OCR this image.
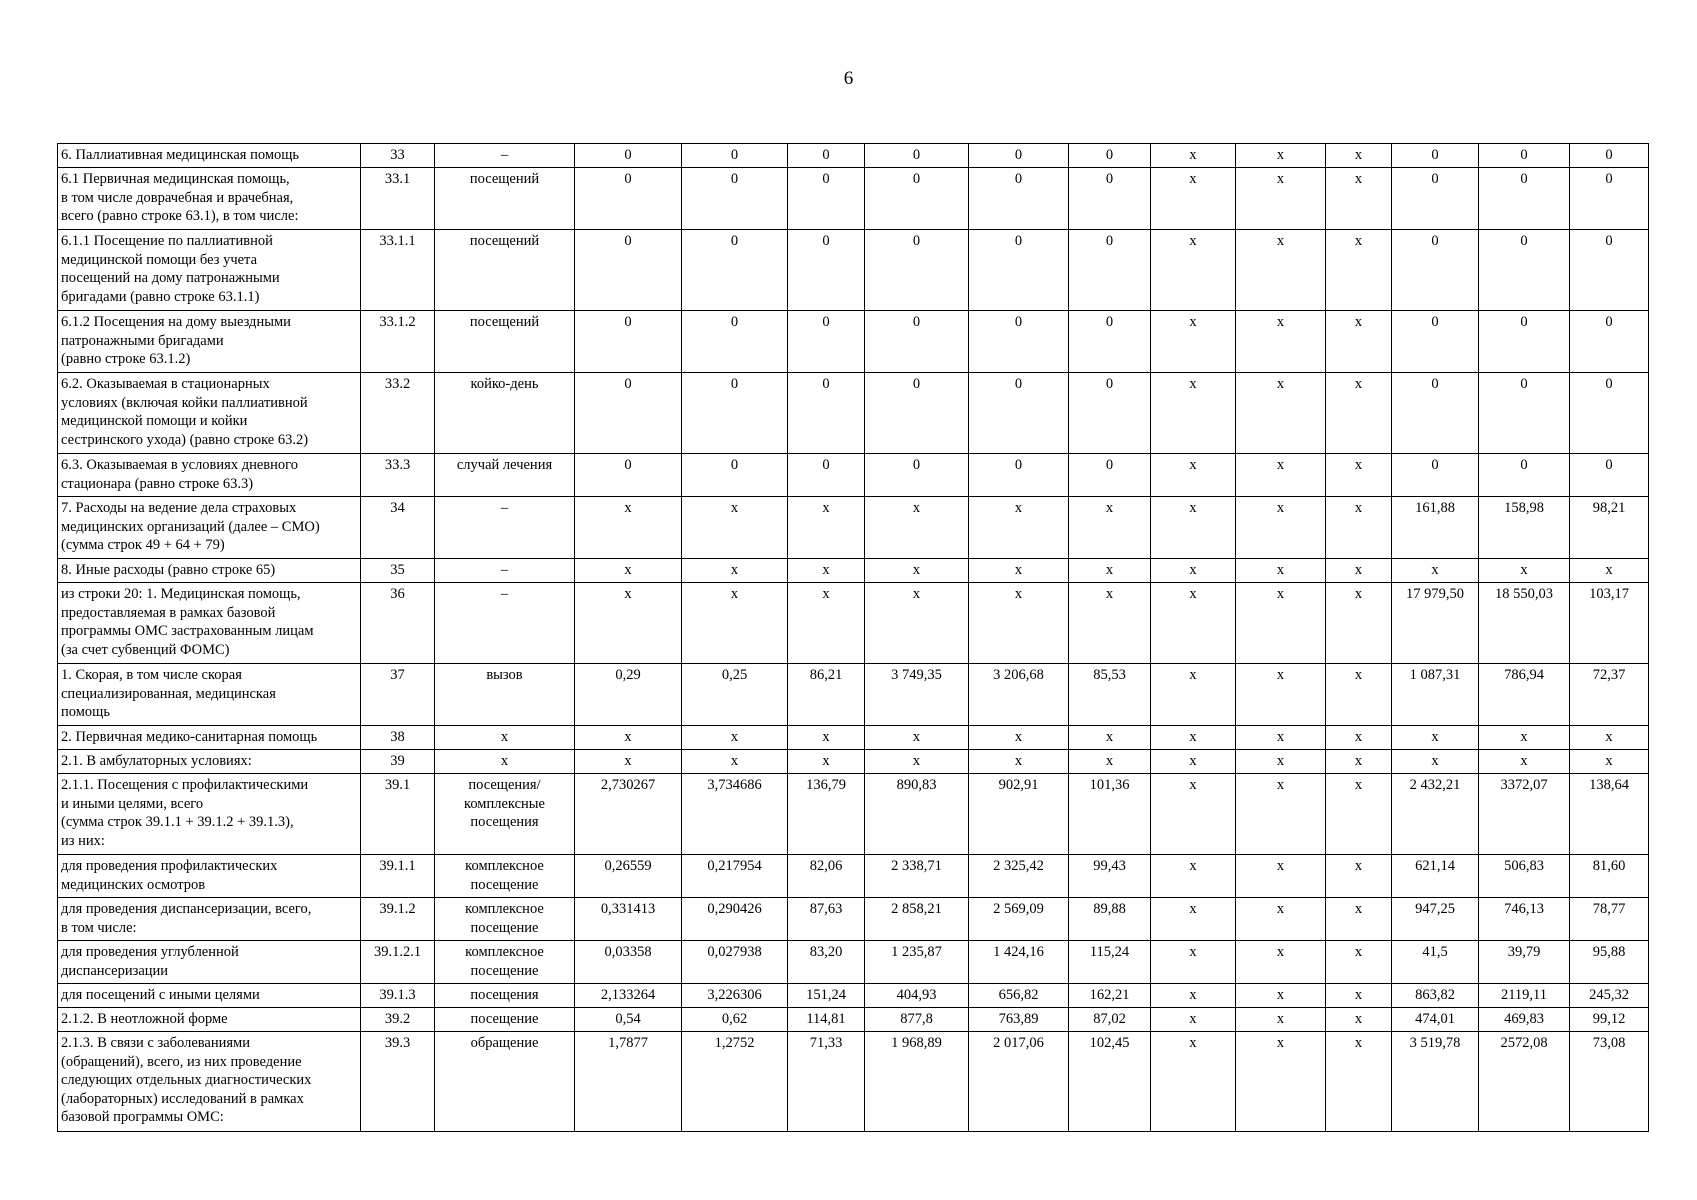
6
6. Паллиативная медицинская помощь	33	–	0	0	0	0	0	0	х	х	х	0	0	0
6.1 Первичная медицинская помощь,
в том числе доврачебная и врачебная,
всего (равно строке 63.1), в том числе:	33.1	посещений	0	0	0	0	0	0	х	х	х	0	0	0
6.1.1 Посещение по паллиативной
медицинской помощи без учета
посещений на дому патронажными
бригадами (равно строке 63.1.1)	33.1.1	посещений	0	0	0	0	0	0	х	х	х	0	0	0
6.1.2 Посещения на дому выездными
патронажными бригадами
(равно строке 63.1.2)	33.1.2	посещений	0	0	0	0	0	0	х	х	х	0	0	0
6.2. Оказываемая в стационарных
условиях (включая койки паллиативной
медицинской помощи и койки
сестринского ухода) (равно строке 63.2)	33.2	койко-день	0	0	0	0	0	0	х	х	х	0	0	0
6.3. Оказываемая в условиях дневного
стационара (равно строке 63.3)	33.3	случай лечения	0	0	0	0	0	0	х	х	х	0	0	0
7. Расходы на ведение дела страховых
медицинских организаций (далее – СМО)
(сумма строк 49 + 64 + 79)	34	–	х	х	х	х	х	х	х	х	х	161,88	158,98	98,21
8. Иные расходы (равно строке 65)	35	–	х	х	х	х	х	х	х	х	х	х	х	х
из строки 20: 1. Медицинская помощь,
предоставляемая в рамках базовой
программы ОМС застрахованным лицам
(за счет субвенций ФОМС)	36	–	х	х	х	х	х	х	х	х	х	17 979,50	18 550,03	103,17
1. Скорая, в том числе скорая
специализированная, медицинская
помощь	37	вызов	0,29	0,25	86,21	3 749,35	3 206,68	85,53	х	х	х	1 087,31	786,94	72,37
2. Первичная медико-санитарная помощь	38	х	х	х	х	х	х	х	х	х	х	х	х	х
2.1. В амбулаторных условиях:	39	х	х	х	х	х	х	х	х	х	х	х	х	х
2.1.1. Посещения с профилактическими
и иными целями, всего
(сумма строк 39.1.1 + 39.1.2 + 39.1.3),
из них:	39.1	посещения/
комплексные
посещения	2,730267	3,734686	136,79	890,83	902,91	101,36	х	х	х	2 432,21	3372,07	138,64
для проведения профилактических
медицинских осмотров	39.1.1	комплексное
посещение	0,26559	0,217954	82,06	2 338,71	2 325,42	99,43	х	х	х	621,14	506,83	81,60
для проведения диспансеризации, всего,
в том числе:	39.1.2	комплексное
посещение	0,331413	0,290426	87,63	2 858,21	2 569,09	89,88	х	х	х	947,25	746,13	78,77
для проведения углубленной
диспансеризации	39.1.2.1	комплексное
посещение	0,03358	0,027938	83,20	1 235,87	1 424,16	115,24	х	х	х	41,5	39,79	95,88
для посещений с иными целями	39.1.3	посещения	2,133264	3,226306	151,24	404,93	656,82	162,21	х	х	х	863,82	2119,11	245,32
2.1.2. В неотложной форме	39.2	посещение	0,54	0,62	114,81	877,8	763,89	87,02	х	х	х	474,01	469,83	99,12
2.1.3. В связи с заболеваниями
(обращений), всего, из них проведение
следующих отдельных диагностических
(лабораторных) исследований в рамках
базовой программы ОМС:	39.3	обращение	1,7877	1,2752	71,33	1 968,89	2 017,06	102,45	х	х	х	3 519,78	2572,08	73,08
